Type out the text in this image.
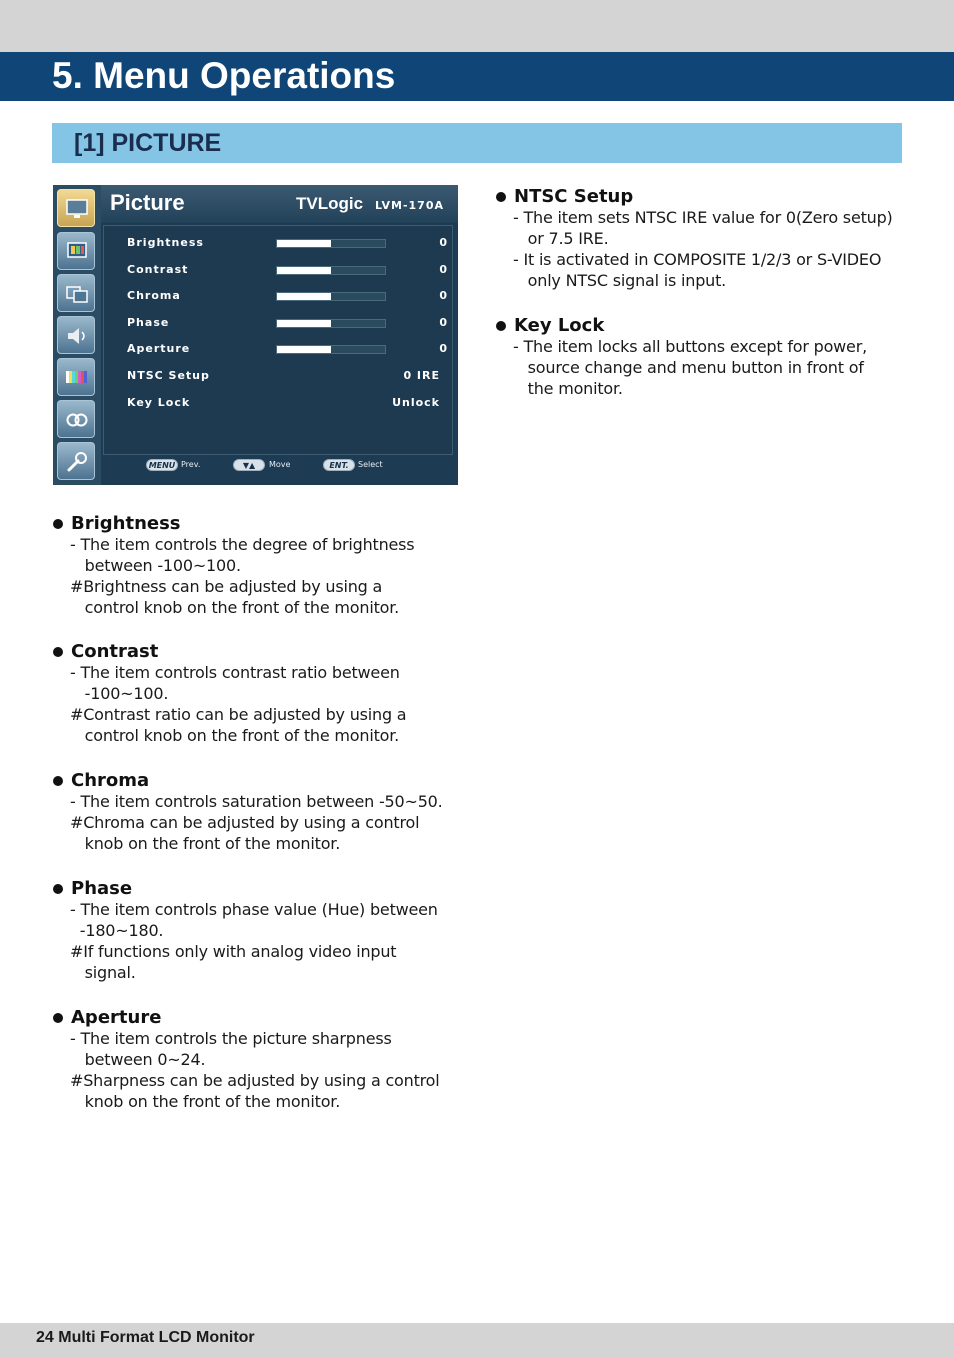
5. Menu Operations
[1] PICTURE
Picture	TVLogic LVM-170A
Brightness	0
Contrast	0
Chroma	0
Phase	0
Aperture	0
NTSC Setup	0 IRE
Key Lock	Unlock
MENU Prev.	▼▲	Move	ENT.	Select
Brightness

- The item controls the degree of brightness

between -100~100.

#Brightness can be adjusted by using a

control knob on the front of the monitor.

Contrast

- The item controls contrast ratio between

-100~100.

#Contrast ratio can be adjusted by using a

control knob on the front of the monitor.

Chroma

- The item controls saturation between -50~50.

#Chroma can be adjusted by using a control

knob on the front of the monitor.

Phase

- The item controls phase value (Hue) between

-180~180.

#If functions only with analog video input

signal.

Aperture

- The item controls the picture sharpness

between 0~24.

#Sharpness can be adjusted by using a control

knob on the front of the monitor.

NTSC Setup

- The item sets NTSC IRE value for 0(Zero setup)

or 7.5 IRE.

- It is activated in COMPOSITE 1/2/3 or S-VIDEO

only NTSC signal is input.

Key Lock

- The item locks all buttons except for power,

source change and menu button in front of

the monitor.

24 Multi Format LCD Monitor
